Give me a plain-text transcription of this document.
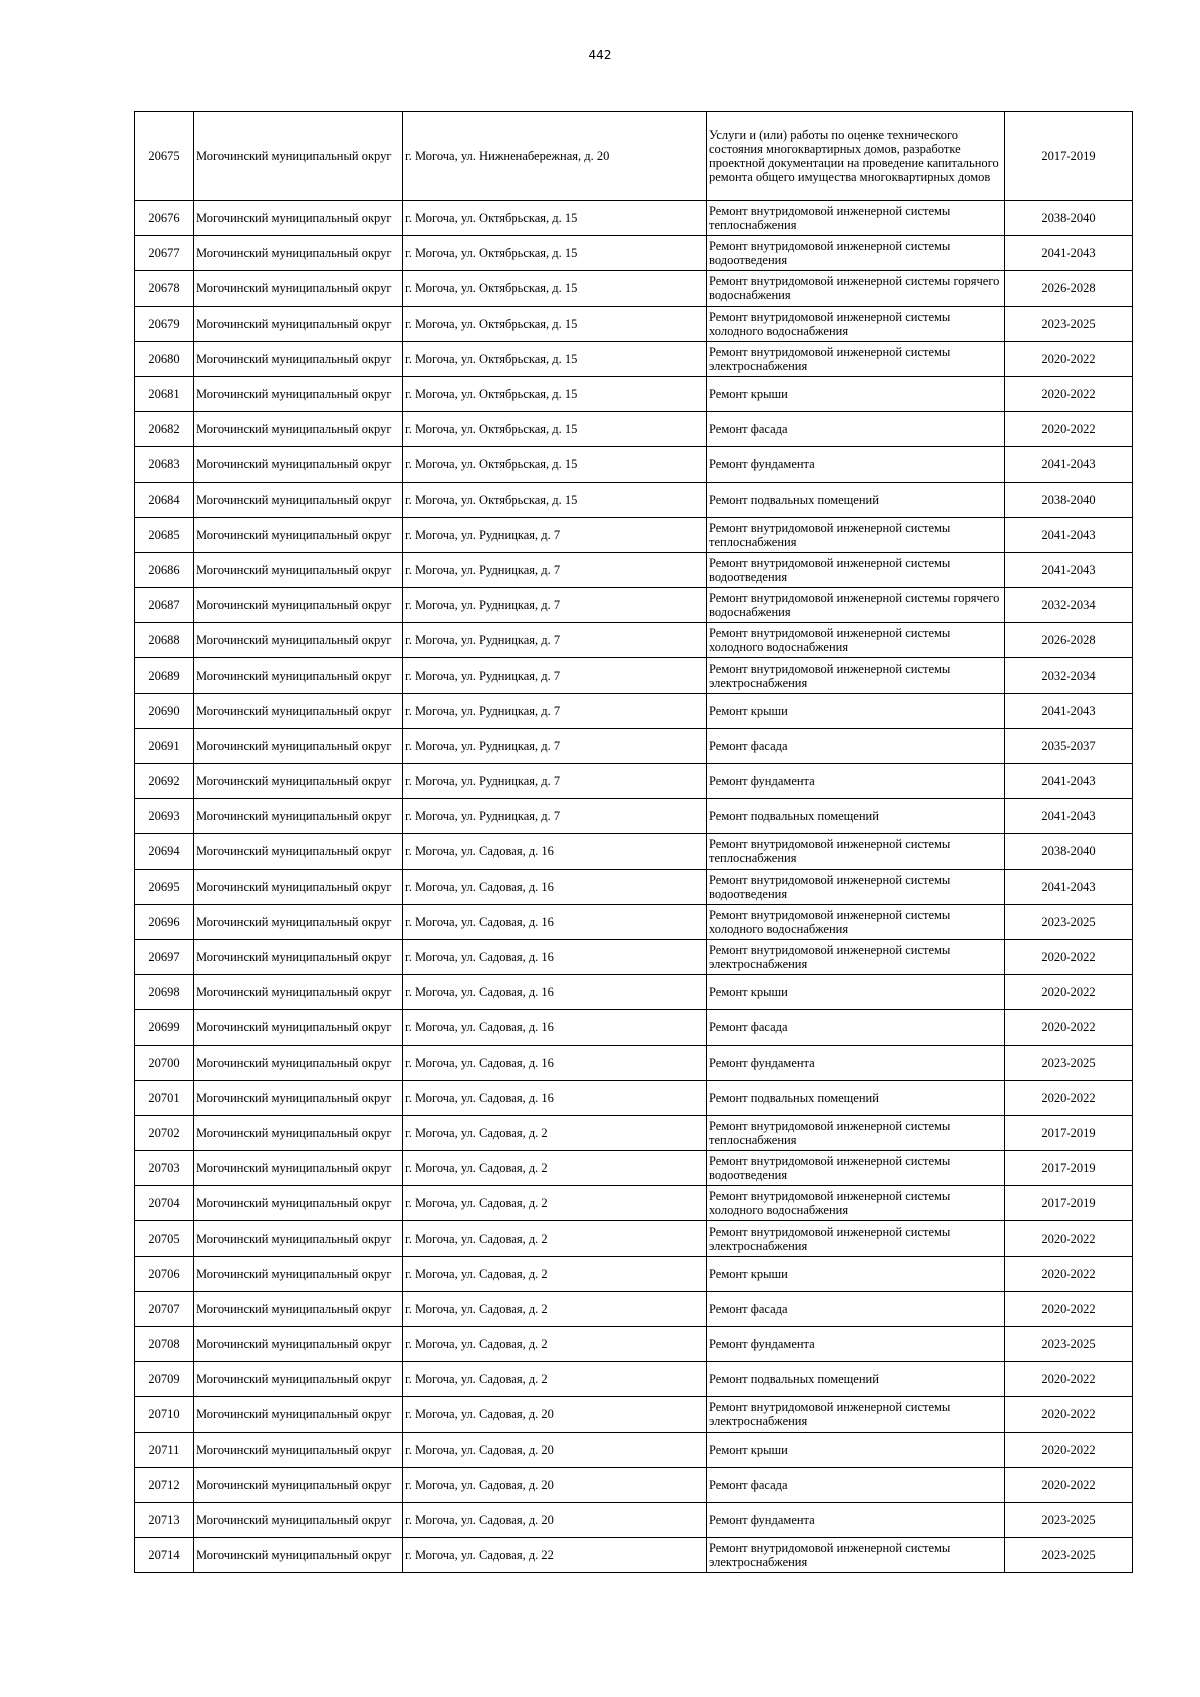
442
20675	Могочинский муниципальный округ	г. Могоча, ул. Нижненабережная, д. 20	Услуги и (или) работы по оценке технического состояния многоквартирных домов, разработке проектной документации на проведение капитального ремонта общего имущества многоквартирных домов	2017-2019
20676	Могочинский муниципальный округ	г. Могоча, ул. Октябрьская, д. 15	Ремонт внутридомовой инженерной системы теплоснабжения	2038-2040
20677	Могочинский муниципальный округ	г. Могоча, ул. Октябрьская, д. 15	Ремонт внутридомовой инженерной системы водоотведения	2041-2043
20678	Могочинский муниципальный округ	г. Могоча, ул. Октябрьская, д. 15	Ремонт внутридомовой инженерной системы горячего водоснабжения	2026-2028
20679	Могочинский муниципальный округ	г. Могоча, ул. Октябрьская, д. 15	Ремонт внутридомовой инженерной системы холодного водоснабжения	2023-2025
20680	Могочинский муниципальный округ	г. Могоча, ул. Октябрьская, д. 15	Ремонт внутридомовой инженерной системы электроснабжения	2020-2022
20681	Могочинский муниципальный округ	г. Могоча, ул. Октябрьская, д. 15	Ремонт крыши	2020-2022
20682	Могочинский муниципальный округ	г. Могоча, ул. Октябрьская, д. 15	Ремонт фасада	2020-2022
20683	Могочинский муниципальный округ	г. Могоча, ул. Октябрьская, д. 15	Ремонт фундамента	2041-2043
20684	Могочинский муниципальный округ	г. Могоча, ул. Октябрьская, д. 15	Ремонт подвальных помещений	2038-2040
20685	Могочинский муниципальный округ	г. Могоча, ул. Рудницкая, д. 7	Ремонт внутридомовой инженерной системы теплоснабжения	2041-2043
20686	Могочинский муниципальный округ	г. Могоча, ул. Рудницкая, д. 7	Ремонт внутридомовой инженерной системы водоотведения	2041-2043
20687	Могочинский муниципальный округ	г. Могоча, ул. Рудницкая, д. 7	Ремонт внутридомовой инженерной системы горячего водоснабжения	2032-2034
20688	Могочинский муниципальный округ	г. Могоча, ул. Рудницкая, д. 7	Ремонт внутридомовой инженерной системы холодного водоснабжения	2026-2028
20689	Могочинский муниципальный округ	г. Могоча, ул. Рудницкая, д. 7	Ремонт внутридомовой инженерной системы электроснабжения	2032-2034
20690	Могочинский муниципальный округ	г. Могоча, ул. Рудницкая, д. 7	Ремонт крыши	2041-2043
20691	Могочинский муниципальный округ	г. Могоча, ул. Рудницкая, д. 7	Ремонт фасада	2035-2037
20692	Могочинский муниципальный округ	г. Могоча, ул. Рудницкая, д. 7	Ремонт фундамента	2041-2043
20693	Могочинский муниципальный округ	г. Могоча, ул. Рудницкая, д. 7	Ремонт подвальных помещений	2041-2043
20694	Могочинский муниципальный округ	г. Могоча, ул. Садовая, д. 16	Ремонт внутридомовой инженерной системы теплоснабжения	2038-2040
20695	Могочинский муниципальный округ	г. Могоча, ул. Садовая, д. 16	Ремонт внутридомовой инженерной системы водоотведения	2041-2043
20696	Могочинский муниципальный округ	г. Могоча, ул. Садовая, д. 16	Ремонт внутридомовой инженерной системы холодного водоснабжения	2023-2025
20697	Могочинский муниципальный округ	г. Могоча, ул. Садовая, д. 16	Ремонт внутридомовой инженерной системы электроснабжения	2020-2022
20698	Могочинский муниципальный округ	г. Могоча, ул. Садовая, д. 16	Ремонт крыши	2020-2022
20699	Могочинский муниципальный округ	г. Могоча, ул. Садовая, д. 16	Ремонт фасада	2020-2022
20700	Могочинский муниципальный округ	г. Могоча, ул. Садовая, д. 16	Ремонт фундамента	2023-2025
20701	Могочинский муниципальный округ	г. Могоча, ул. Садовая, д. 16	Ремонт подвальных помещений	2020-2022
20702	Могочинский муниципальный округ	г. Могоча, ул. Садовая, д. 2	Ремонт внутридомовой инженерной системы теплоснабжения	2017-2019
20703	Могочинский муниципальный округ	г. Могоча, ул. Садовая, д. 2	Ремонт внутридомовой инженерной системы водоотведения	2017-2019
20704	Могочинский муниципальный округ	г. Могоча, ул. Садовая, д. 2	Ремонт внутридомовой инженерной системы холодного водоснабжения	2017-2019
20705	Могочинский муниципальный округ	г. Могоча, ул. Садовая, д. 2	Ремонт внутридомовой инженерной системы электроснабжения	2020-2022
20706	Могочинский муниципальный округ	г. Могоча, ул. Садовая, д. 2	Ремонт крыши	2020-2022
20707	Могочинский муниципальный округ	г. Могоча, ул. Садовая, д. 2	Ремонт фасада	2020-2022
20708	Могочинский муниципальный округ	г. Могоча, ул. Садовая, д. 2	Ремонт фундамента	2023-2025
20709	Могочинский муниципальный округ	г. Могоча, ул. Садовая, д. 2	Ремонт подвальных помещений	2020-2022
20710	Могочинский муниципальный округ	г. Могоча, ул. Садовая, д. 20	Ремонт внутридомовой инженерной системы электроснабжения	2020-2022
20711	Могочинский муниципальный округ	г. Могоча, ул. Садовая, д. 20	Ремонт крыши	2020-2022
20712	Могочинский муниципальный округ	г. Могоча, ул. Садовая, д. 20	Ремонт фасада	2020-2022
20713	Могочинский муниципальный округ	г. Могоча, ул. Садовая, д. 20	Ремонт фундамента	2023-2025
20714	Могочинский муниципальный округ	г. Могоча, ул. Садовая, д. 22	Ремонт внутридомовой инженерной системы электроснабжения	2023-2025
